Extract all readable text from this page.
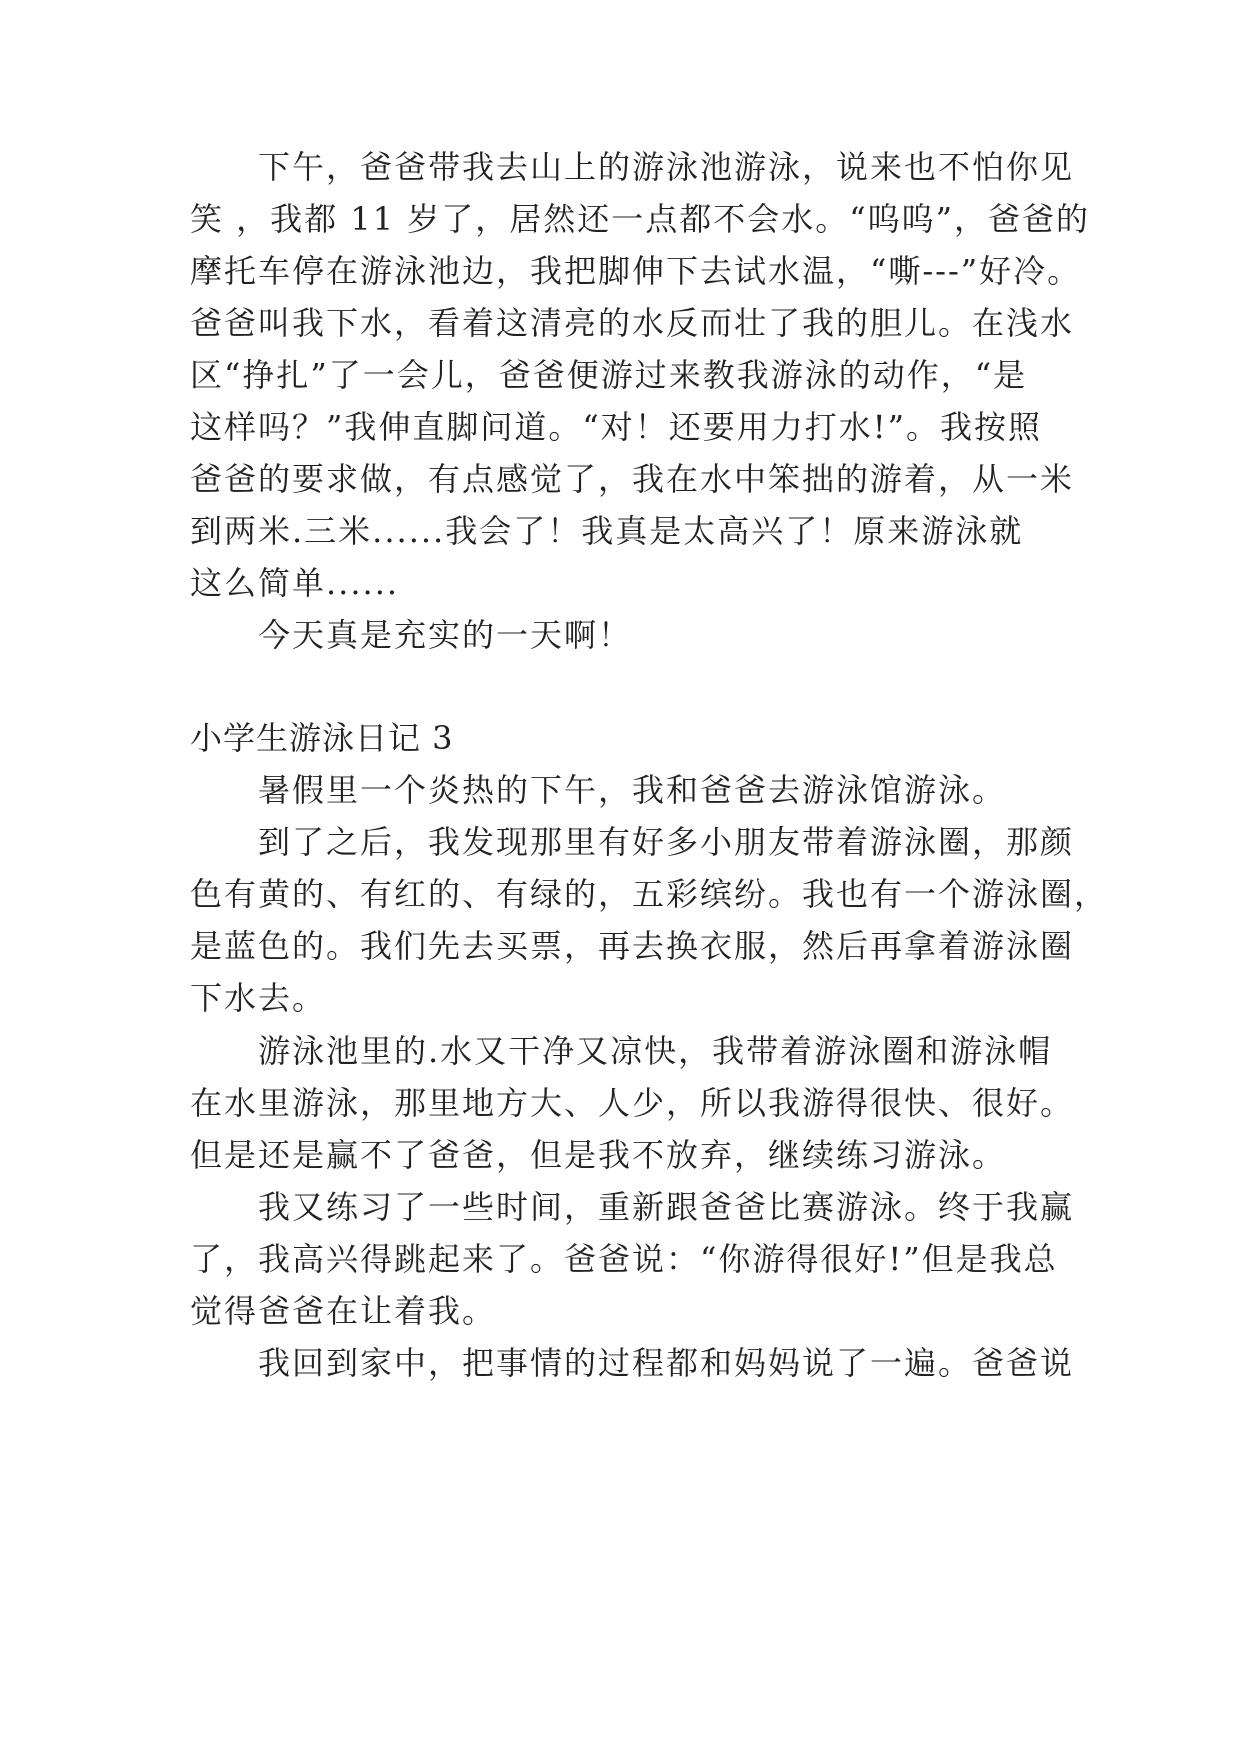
下午，爸爸带我去山上的游泳池游泳，说来也不怕你见
笑 ，我都 11 岁了，居然还一点都不会水。“呜呜”，爸爸的
摩托车停在游泳池边，我把脚伸下去试水温，“嘶---”好冷。
爸爸叫我下水，看着这清亮的水反而壮了我的胆儿。在浅水
区“挣扎”了一会儿，爸爸便游过来教我游泳的动作，“是
这样吗？”我伸直脚问道。“对！还要用力打水!”。我按照
爸爸的要求做，有点感觉了，我在水中笨拙的游着，从一米
到两米.三米......我会了！我真是太高兴了！原来游泳就
这么简单......
今天真是充实的一天啊！
小学生游泳日记 3
暑假里一个炎热的下午，我和爸爸去游泳馆游泳。
到了之后，我发现那里有好多小朋友带着游泳圈，那颜
色有黄的、有红的、有绿的，五彩缤纷。我也有一个游泳圈，
是蓝色的。我们先去买票，再去换衣服，然后再拿着游泳圈
下水去。
游泳池里的.水又干净又凉快，我带着游泳圈和游泳帽
在水里游泳，那里地方大、人少，所以我游得很快、很好。
但是还是赢不了爸爸，但是我不放弃，继续练习游泳。
我又练习了一些时间，重新跟爸爸比赛游泳。终于我赢
了，我高兴得跳起来了。爸爸说：“你游得很好!”但是我总
觉得爸爸在让着我。
我回到家中，把事情的过程都和妈妈说了一遍。爸爸说
